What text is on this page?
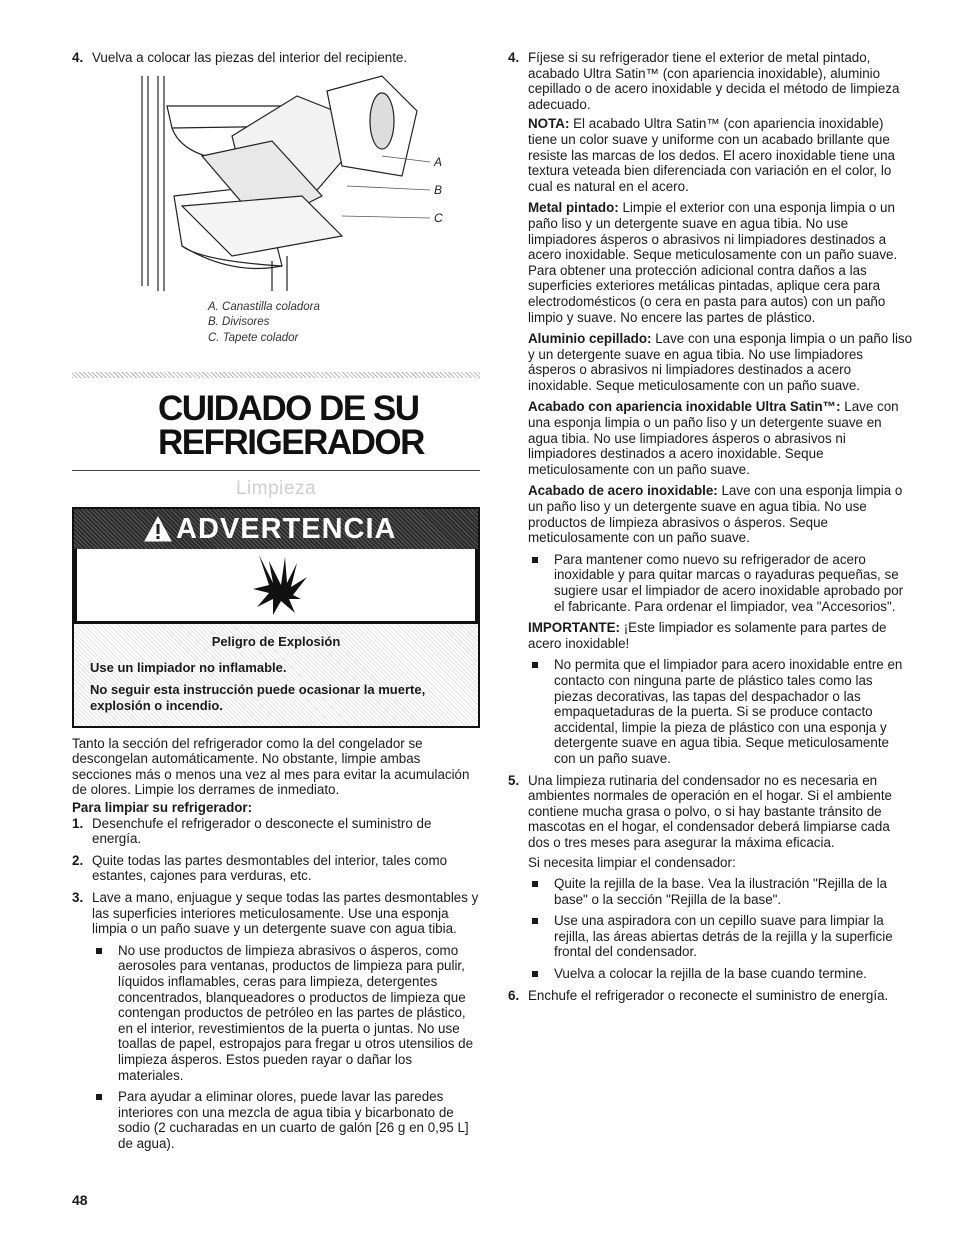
4. Vuelva a colocar las piezas del interior del recipiente.
A
B
C
A. Canastilla coladora
B. Divisores
C. Tapete colador
CUIDADO DE SU
REFRIGERADOR
Limpieza
ADVERTENCIA
Peligro de Explosión
Use un limpiador no inflamable.
No seguir esta instrucción puede ocasionar la muerte, explosión o incendio.

Tanto la sección del refrigerador como la del congelador se descongelan automáticamente. No obstante, limpie ambas secciones más o menos una vez al mes para evitar la acumulación de olores. Limpie los derrames de inmediato.

Para limpiar su refrigerador:

1. Desenchufe el refrigerador o desconecte el suministro de energía.
2. Quite todas las partes desmontables del interior, tales como estantes, cajones para verduras, etc.
3. Lave a mano, enjuague y seque todas las partes desmontables y las superficies interiores meticulosamente. Use una esponja limpia o un paño suave y un detergente suave con agua tibia.
No use productos de limpieza abrasivos o ásperos, como aerosoles para ventanas, productos de limpieza para pulir, líquidos inflamables, ceras para limpieza, detergentes concentrados, blanqueadores o productos de limpieza que contengan productos de petróleo en las partes de plástico, en el interior, revestimientos de la puerta o juntas. No use toallas de papel, estropajos para fregar u otros utensilios de limpieza ásperos. Estos pueden rayar o dañar los materiales.
Para ayudar a eliminar olores, puede lavar las paredes interiores con una mezcla de agua tibia y bicarbonato de sodio (2 cucharadas en un cuarto de galón [26 g en 0,95 L] de agua).
4. Fíjese si su refrigerador tiene el exterior de metal pintado, acabado Ultra Satin™ (con apariencia inoxidable), aluminio cepillado o de acero inoxidable y decida el método de limpieza adecuado.

NOTA: El acabado Ultra Satin™ (con apariencia inoxidable) tiene un color suave y uniforme con un acabado brillante que resiste las marcas de los dedos. El acero inoxidable tiene una textura veteada bien diferenciada con variación en el color, lo cual es natural en el acero.

Metal pintado: Limpie el exterior con una esponja limpia o un paño liso y un detergente suave en agua tibia. No use limpiadores ásperos o abrasivos ni limpiadores destinados a acero inoxidable. Seque meticulosamente con un paño suave. Para obtener una protección adicional contra daños a las superficies exteriores metálicas pintadas, aplique cera para electrodomésticos (o cera en pasta para autos) con un paño limpio y suave. No encere las partes de plástico.

Aluminio cepillado: Lave con una esponja limpia o un paño liso y un detergente suave en agua tibia. No use limpiadores ásperos o abrasivos ni limpiadores destinados a acero inoxidable. Seque meticulosamente con un paño suave.

Acabado con apariencia inoxidable Ultra Satin™: Lave con una esponja limpia o un paño liso y un detergente suave en agua tibia. No use limpiadores ásperos o abrasivos ni limpiadores destinados a acero inoxidable. Seque meticulosamente con un paño suave.

Acabado de acero inoxidable: Lave con una esponja limpia o un paño liso y un detergente suave en agua tibia. No use productos de limpieza abrasivos o ásperos. Seque meticulosamente con un paño suave.

Para mantener como nuevo su refrigerador de acero inoxidable y para quitar marcas o rayaduras pequeñas, se sugiere usar el limpiador de acero inoxidable aprobado por el fabricante. Para ordenar el limpiador, vea "Accesorios".

IMPORTANTE: ¡Este limpiador es solamente para partes de acero inoxidable!

No permita que el limpiador para acero inoxidable entre en contacto con ninguna parte de plástico tales como las piezas decorativas, las tapas del despachador o las empaquetaduras de la puerta. Si se produce contacto accidental, limpie la pieza de plástico con una esponja y detergente suave en agua tibia. Seque meticulosamente con un paño suave.
5. Una limpieza rutinaria del condensador no es necesaria en ambientes normales de operación en el hogar. Si el ambiente contiene mucha grasa o polvo, o si hay bastante tránsito de mascotas en el hogar, el condensador deberá limpiarse cada dos o tres meses para asegurar la máxima eficacia.

Si necesita limpiar el condensador:

Quite la rejilla de la base. Vea la ilustración "Rejilla de la base" o la sección "Rejilla de la base".
Use una aspiradora con un cepillo suave para limpiar la rejilla, las áreas abiertas detrás de la rejilla y la superficie frontal del condensador.
Vuelva a colocar la rejilla de la base cuando termine.
6. Enchufe el refrigerador o reconecte el suministro de energía.
48
